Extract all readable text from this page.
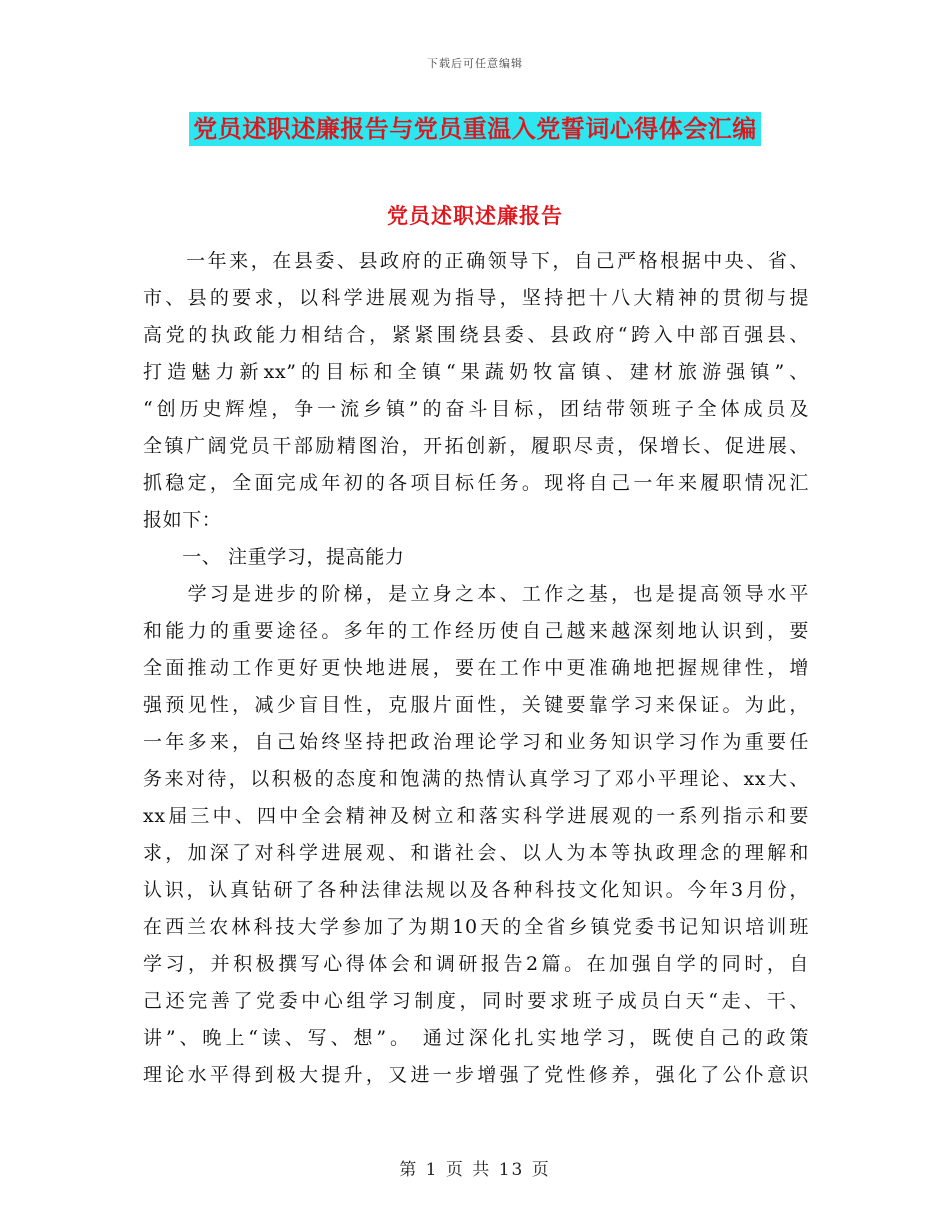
下载后可任意编辑
党员述职述廉报告与党员重温入党誓词心得体会汇编
党员述职述廉报告
　　一年来，在县委、县政府的正确领导下，自己严格根据中央、省、
市、县的要求，以科学进展观为指导，坚持把十八大精神的贯彻与提
高党的执政能力相结合，紧紧围绕县委、县政府“跨入中部百强县、
打造魅力新xx”的目标和全镇“果蔬奶牧富镇、建材旅游强镇”、
“创历史辉煌，争一流乡镇”的奋斗目标，团结带领班子全体成员及
全镇广阔党员干部励精图治，开拓创新，履职尽责，保增长、促进展、
抓稳定，全面完成年初的各项目标任务。现将自己一年来履职情况汇
报如下：
　　一、 注重学习，提高能力
　　学习是进步的阶梯，是立身之本、工作之基，也是提高领导水平
和能力的重要途径。多年的工作经历使自己越来越深刻地认识到，要
全面推动工作更好更快地进展，要在工作中更准确地把握规律性，增
强预见性，减少盲目性，克服片面性，关键要靠学习来保证。为此，
一年多来，自己始终坚持把政治理论学习和业务知识学习作为重要任
务来对待，以积极的态度和饱满的热情认真学习了邓小平理论、xx大、
xx届三中、四中全会精神及树立和落实科学进展观的一系列指示和要
求，加深了对科学进展观、和谐社会、以人为本等执政理念的理解和
认识，认真钻研了各种法律法规以及各种科技文化知识。今年3月份，
在西兰农林科技大学参加了为期10天的全省乡镇党委书记知识培训班
学习，并积极撰写心得体会和调研报告2篇。在加强自学的同时，自
己还完善了党委中心组学习制度，同时要求班子成员白天“走、干、
讲”、晚上“读、写、想”。 通过深化扎实地学习，既使自己的政策
理论水平得到极大提升，又进一步增强了党性修养，强化了公仆意识
第 1 页 共 13 页
